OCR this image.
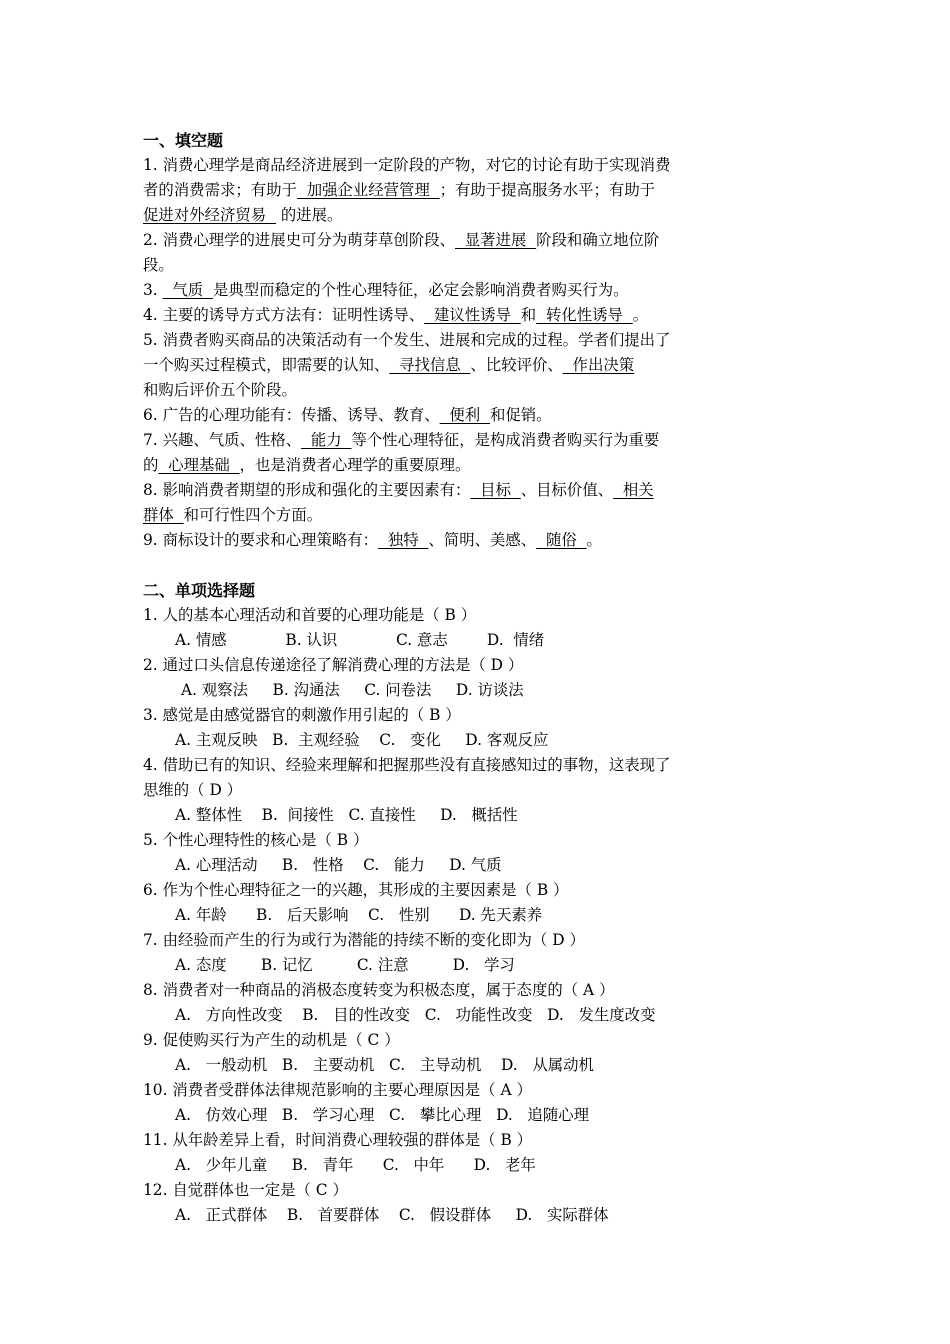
一、填空题
1. 消费心理学是商品经济进展到一定阶段的产物，对它的讨论有助于实现消费
者的消费需求；有助于  加强企业经营管理  ；有助于提高服务水平；有助于
促进对外经济贸易   的进展。
2. 消费心理学的进展史可分为萌芽草创阶段、  显著进展  阶段和确立地位阶
段。
3.   气质  是典型而稳定的个性心理特征，必定会影响消费者购买行为。
4. 主要的诱导方式方法有：证明性诱导、  建议性诱导  和  转化性诱导  。
5. 消费者购买商品的决策活动有一个发生、进展和完成的过程。学者们提出了
一个购买过程模式，即需要的认知、  寻找信息  、比较评价、  作出决策
和购后评价五个阶段。
6. 广告的心理功能有：传播、诱导、教育、  便利  和促销。
7. 兴趣、气质、性格、  能力  等个性心理特征，是构成消费者购买行为重要
的  心理基础  ，也是消费者心理学的重要原理。
8. 影响消费者期望的形成和强化的主要因素有：  目标  、目标价值、  相关
群体  和可行性四个方面。
9. 商标设计的要求和心理策略有：  独特  、简明、美感、  随俗  。
二、单项选择题
1. 人的基本心理活动和首要的心理功能是（ B ）
A. 情感            B. 认识            C. 意志        D.  情绪
2. 通过口头信息传递途径了解消费心理的方法是（ D ）
A. 观察法     B. 沟通法     C. 问卷法     D. 访谈法
3. 感觉是由感觉器官的刺激作用引起的（ B ）
A. 主观反映   B.  主观经验    C.   变化     D. 客观反应
4. 借助已有的知识、经验来理解和把握那些没有直接感知过的事物，这表现了
思维的（ D ）
A. 整体性    B.  间接性   C. 直接性     D.   概括性
5. 个性心理特性的核心是（ B ）
A. 心理活动     B.   性格    C.   能力     D. 气质
6. 作为个性心理特征之一的兴趣，其形成的主要因素是（ B ）
A. 年龄      B.   后天影响    C.   性别      D. 先天素养
7. 由经验而产生的行为或行为潜能的持续不断的变化即为（ D ）
A. 态度       B. 记忆         C. 注意         D.   学习
8. 消费者对一种商品的消极态度转变为积极态度，属于态度的（ A ）
A.   方向性改变    B.   目的性改变   C.   功能性改变   D.   发生度改变
9. 促使购买行为产生的动机是（ C ）
A.   一般动机   B.   主要动机   C.   主导动机    D.   从属动机
10. 消费者受群体法律规范影响的主要心理原因是（ A ）
A.   仿效心理   B.   学习心理   C.   攀比心理   D.   追随心理
11. 从年龄差异上看，时间消费心理较强的群体是（ B ）
A.   少年儿童     B.   青年      C.   中年      D.   老年
12. 自觉群体也一定是（ C ）
A.   正式群体    B.   首要群体    C.   假设群体     D.   实际群体
